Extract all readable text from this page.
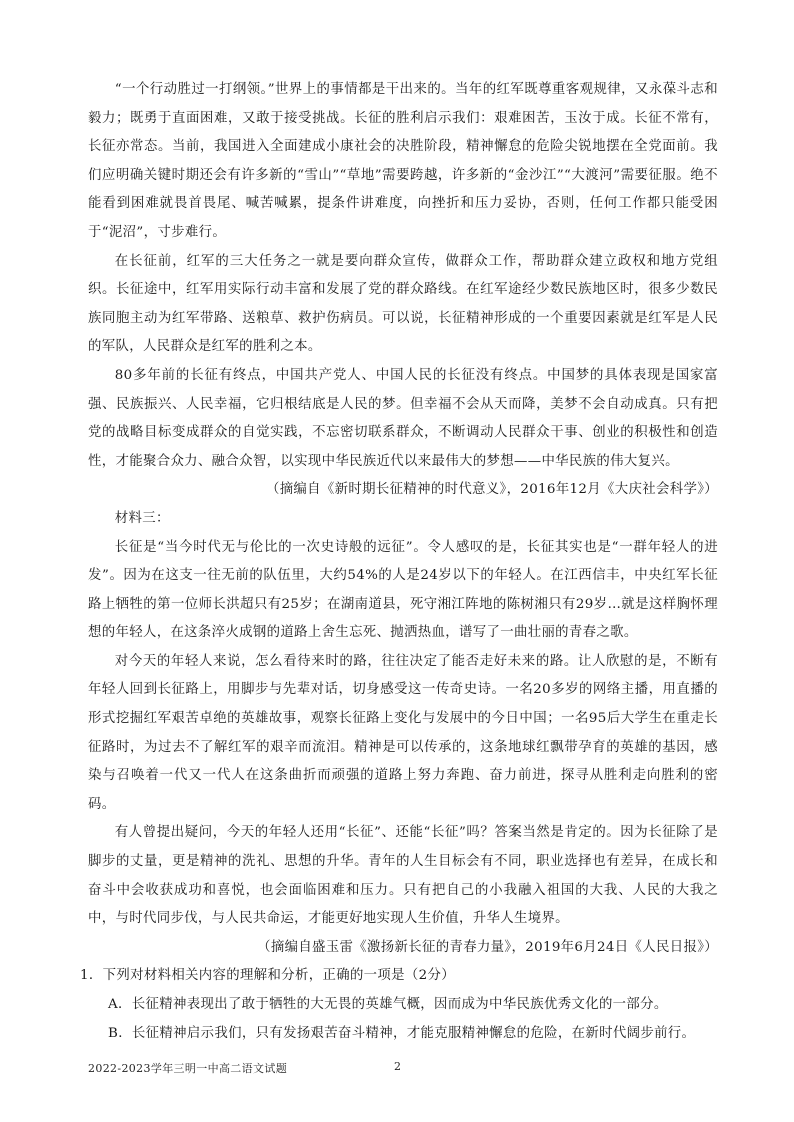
“一个行动胜过一打纲领。”世界上的事情都是干出来的。当年的红军既尊重客观规律，又永葆斗志和毅力；既勇于直面困难，又敢于接受挑战。长征的胜利启示我们：艰难困苦，玉汝于成。长征不常有，长征亦常态。当前，我国进入全面建成小康社会的决胜阶段，精神懈怠的危险尖锐地摆在全党面前。我们应明确关键时期还会有许多新的“雪山”“草地”需要跨越，许多新的“金沙江”“大渡河”需要征服。绝不能看到困难就畏首畏尾、喊苦喊累，提条件讲难度，向挫折和压力妥协，否则，任何工作都只能受困于“泥沼”，寸步难行。

在长征前，红军的三大任务之一就是要向群众宣传，做群众工作，帮助群众建立政权和地方党组织。长征途中，红军用实际行动丰富和发展了党的群众路线。在红军途经少数民族地区时，很多少数民族同胞主动为红军带路、送粮草、救护伤病员。可以说，长征精神形成的一个重要因素就是红军是人民的军队，人民群众是红军的胜利之本。

80多年前的长征有终点，中国共产党人、中国人民的长征没有终点。中国梦的具体表现是国家富强、民族振兴、人民幸福，它归根结底是人民的梦。但幸福不会从天而降，美梦不会自动成真。只有把党的战略目标变成群众的自觉实践，不忘密切联系群众，不断调动人民群众干事、创业的积极性和创造性，才能聚合众力、融合众智，以实现中华民族近代以来最伟大的梦想——中华民族的伟大复兴。

（摘编自《新时期长征精神的时代意义》，2016年12月《大庆社会科学》）

材料三：

长征是“当今时代无与伦比的一次史诗般的远征”。令人感叹的是，长征其实也是“一群年轻人的进发”。因为在这支一往无前的队伍里，大约54%的人是24岁以下的年轻人。在江西信丰，中央红军长征路上牺牲的第一位师长洪超只有25岁；在湖南道县，死守湘江阵地的陈树湘只有29岁…就是这样胸怀理想的年轻人，在这条淬火成钢的道路上舍生忘死、抛洒热血，谱写了一曲壮丽的青春之歌。

对今天的年轻人来说，怎么看待来时的路，往往决定了能否走好未来的路。让人欣慰的是，不断有年轻人回到长征路上，用脚步与先辈对话，切身感受这一传奇史诗。一名20多岁的网络主播，用直播的形式挖掘红军艰苦卓绝的英雄故事，观察长征路上变化与发展中的今日中国；一名95后大学生在重走长征路时，为过去不了解红军的艰辛而流泪。精神是可以传承的，这条地球红飘带孕育的英雄的基因，感染与召唤着一代又一代人在这条曲折而顽强的道路上努力奔跑、奋力前进，探寻从胜利走向胜利的密码。

有人曾提出疑问，今天的年轻人还用“长征”、还能“长征”吗？答案当然是肯定的。因为长征除了是脚步的丈量，更是精神的洗礼、思想的升华。青年的人生目标会有不同，职业选择也有差异，在成长和奋斗中会收获成功和喜悦，也会面临困难和压力。只有把自己的小我融入祖国的大我、人民的大我之中，与时代同步伐，与人民共命运，才能更好地实现人生价值，升华人生境界。

（摘编自盛玉雷《激扬新长征的青春力量》，2019年6月24日《人民日报》）

1．下列对材料相关内容的理解和分析，正确的一项是（2分）

A．长征精神表现出了敢于牺牲的大无畏的英雄气概，因而成为中华民族优秀文化的一部分。

B．长征精神启示我们，只有发扬艰苦奋斗精神，才能克服精神懈怠的危险，在新时代阔步前行。

2022-2023学年三明一中高二语文试题	2
